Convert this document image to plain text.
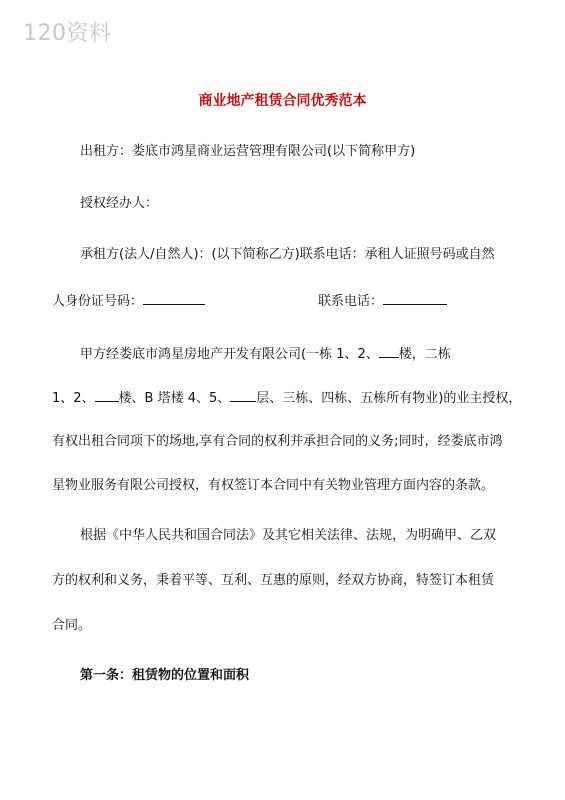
120资料
商业地产租赁合同优秀范本
出租方：娄底市鸿星商业运营管理有限公司(以下简称甲方)
授权经办人：
承租方(法人/自然人)：(以下简称乙方)联系电话：承租人证照号码或自然
人身份证号码：	联系电话：
甲方经娄底市鸿星房地产开发有限公司(一栋 1、2、 楼，二栋
1、2、 楼、B 塔楼 4、5、 层、三栋、四栋、五栋所有物业)的业主授权，
有权出租合同项下的场地,享有合同的权利并承担合同的义务;同时，经娄底市鸿
星物业服务有限公司授权，有权签订本合同中有关物业管理方面内容的条款。
根据《中华人民共和国合同法》及其它相关法律、法规，为明确甲、乙双
方的权利和义务，秉着平等、互利、互惠的原则，经双方协商，特签订本租赁
合同。
第一条：租赁物的位置和面积
